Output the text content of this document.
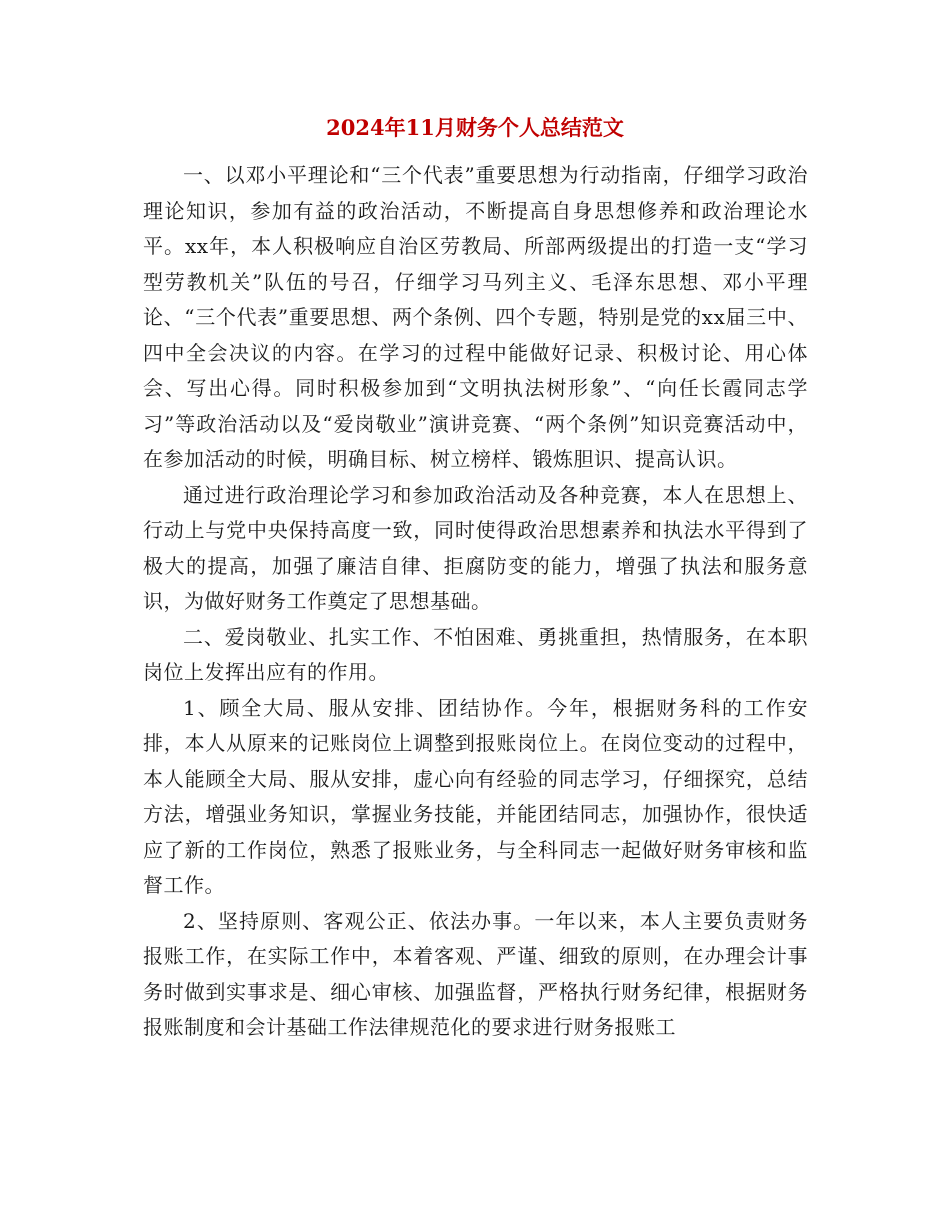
2024年11月财务个人总结范文

一、以邓小平理论和“三个代表”重要思想为行动指南，仔细学习政治理论知识，参加有益的政治活动，不断提高自身思想修养和政治理论水平。xx年，本人积极响应自治区劳教局、所部两级提出的打造一支“学习型劳教机关”队伍的号召，仔细学习马列主义、毛泽东思想、邓小平理论、“三个代表”重要思想、两个条例、四个专题，特别是党的xx届三中、四中全会决议的内容。在学习的过程中能做好记录、积极讨论、用心体会、写出心得。同时积极参加到“文明执法树形象”、“向任长霞同志学习”等政治活动以及“爱岗敬业”演讲竞赛、“两个条例”知识竞赛活动中，在参加活动的时候，明确目标、树立榜样、锻炼胆识、提高认识。

通过进行政治理论学习和参加政治活动及各种竞赛，本人在思想上、行动上与党中央保持高度一致，同时使得政治思想素养和执法水平得到了极大的提高，加强了廉洁自律、拒腐防变的能力，增强了执法和服务意识，为做好财务工作奠定了思想基础。

二、爱岗敬业、扎实工作、不怕困难、勇挑重担，热情服务，在本职岗位上发挥出应有的作用。

1、顾全大局、服从安排、团结协作。今年，根据财务科的工作安排，本人从原来的记账岗位上调整到报账岗位上。在岗位变动的过程中，本人能顾全大局、服从安排，虚心向有经验的同志学习，仔细探究，总结方法，增强业务知识，掌握业务技能，并能团结同志，加强协作，很快适应了新的工作岗位，熟悉了报账业务，与全科同志一起做好财务审核和监督工作。

2、坚持原则、客观公正、依法办事。一年以来，本人主要负责财务报账工作，在实际工作中，本着客观、严谨、细致的原则，在办理会计事务时做到实事求是、细心审核、加强监督，严格执行财务纪律，根据财务报账制度和会计基础工作法律规范化的要求进行财务报账工
